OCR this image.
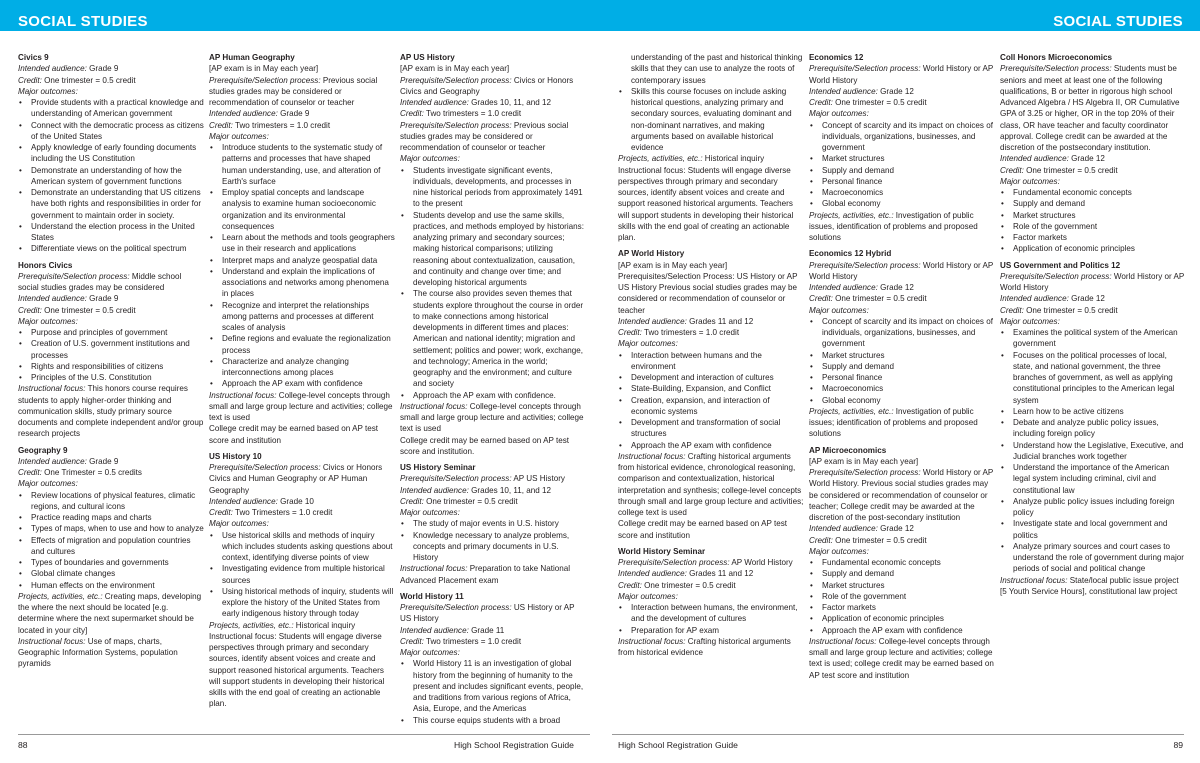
SOCIAL STUDIES	SOCIAL STUDIES
Civics 9
Intended audience: Grade 9
Credit: One trimester = 0.5 credit
Major outcomes:
• Provide students with a practical knowledge and understanding of American government
• Connect with the democratic process as citizens of the United States
• Apply knowledge of early founding documents including the US Constitution
• Demonstrate an understanding of how the American system of government functions
• Demonstrate an understanding that US citizens have both rights and responsibilities in order for government to maintain order in society.
• Understand the election process in the United States
• Differentiate views on the political spectrum
Honors Civics
Prerequisite/Selection process: Middle school social studies grades may be considered
Intended audience: Grade 9
Credit: One trimester = 0.5 credit
Major outcomes:
• Purpose and principles of government
• Creation of U.S. government institutions and processes
• Rights and responsibilities of citizens
• Principles of the U.S. Constitution
Instructional focus: This honors course requires students to apply higher-order thinking and communication skills, study primary source documents and complete independent and/or group research projects
Geography 9
Intended audience: Grade 9
Credit: One Trimester = 0.5 credits
Major outcomes:
• Review locations of physical features, climatic regions, and cultural icons
• Practice reading maps and charts
• Types of maps, when to use and how to analyze
• Effects of migration and population countries and cultures
• Types of boundaries and governments
• Global climate changes
• Human effects on the environment
Projects, activities, etc.: Creating maps, developing the where the next should be located [e.g. determine where the next supermarket should be located in your city]
Instructional focus: Use of maps, charts, Geographic Information Systems, population pyramids
AP Human Geography
[AP exam is in May each year]
Prerequisite/Selection process: Previous social studies grades may be considered or recommendation of counselor or teacher
Intended audience: Grade 9
Credit: Two trimesters = 1.0 credit
Major outcomes:
• Introduce students to the systematic study of patterns and processes that have shaped human understanding, use, and alteration of Earth's surface
• Employ spatial concepts and landscape analysis to examine human socioeconomic organization and its environmental consequences
• Learn about the methods and tools geographers use in their research and applications
• Interpret maps and analyze geospatial data
• Understand and explain the implications of associations and networks among phenomena in places
• Recognize and interpret the relationships among patterns and processes at different scales of analysis
• Define regions and evaluate the regionalization process
• Characterize and analyze changing interconnections among places
• Approach the AP exam with confidence
Instructional focus: College-level concepts through small and large group lecture and activities; college text is used
College credit may be earned based on AP test score and institution
US History 10
Prerequisite/Selection process: Civics or Honors Civics and Human Geography or AP Human Geography
Intended audience: Grade 10
Credit: Two Trimesters = 1.0 credit
Major outcomes:
• Use historical skills and methods of inquiry which includes students asking questions about context, identifying diverse points of view
• Investigating evidence from multiple historical sources
• Using historical methods of inquiry, students will explore the history of the United States from early indigenous history through today
Projects, activities, etc.: Historical inquiry
Instructional focus: Students will engage diverse perspectives through primary and secondary sources, identify absent voices and create and support reasoned historical arguments. Teachers will support students in developing their historical skills with the end goal of creating an actionable plan.
AP US History
[AP exam is in May each year]
Prerequisite/Selection process: Civics or Honors Civics and Geography
Intended audience: Grades 10, 11, and 12
Credit: Two trimesters = 1.0 credit
Prerequisite/Selection process: Previous social studies grades may be considered or recommendation of counselor or teacher
Major outcomes:
• Students investigate significant events, individuals, developments, and processes in nine historical periods from approximately 1491 to the present
• Students develop and use the same skills, practices, and methods employed by historians: analyzing primary and secondary sources; making historical comparisons; utilizing reasoning about contextualization, causation, and continuity and change over time; and developing historical arguments
• The course also provides seven themes that students explore throughout the course in order to make connections among historical developments in different times and places: American and national identity; migration and settlement; politics and power; work, exchange, and technology; America in the world; geography and the environment; and culture and society
• Approach the AP exam with confidence.
Instructional focus: College-level concepts through small and large group lecture and activities; college text is used
College credit may be earned based on AP test score and institution.
US History Seminar
Prerequisite/Selection process: AP US History
Intended audience: Grades 10, 11, and 12
Credit: One trimester = 0.5 credit
Major outcomes:
• The study of major events in U.S. history
• Knowledge necessary to analyze problems, concepts and primary documents in U.S. History
Instructional focus: Preparation to take National Advanced Placement exam
World History 11
Prerequisite/Selection process: US History or AP US History
Intended audience: Grade 11
Credit: Two trimesters = 1.0 credit
Major outcomes:
• World History 11 is an investigation of global history from the beginning of humanity to the present and includes significant events, people, and traditions from various regions of Africa, Asia, Europe, and the Americas
• This course equips students with a broad
understanding of the past and historical thinking skills that they can use to analyze the roots of contemporary issues
• Skills this course focuses on include asking historical questions, analyzing primary and secondary sources, evaluating dominant and non-dominant narratives, and making arguments based on available historical evidence
Projects, activities, etc.: Historical inquiry
Instructional focus: Students will engage diverse perspectives through primary and secondary sources, identify absent voices and create and support reasoned historical arguments. Teachers will support students in developing their historical skills with the end goal of creating an actionable plan.
AP World History
[AP exam is in May each year]
Prerequisites/Selection Process: US History or AP US History Previous social studies grades may be considered or recommendation of counselor or teacher
Intended audience: Grades 11 and 12
Credit: Two trimesters = 1.0 credit
Major outcomes:
• Interaction between humans and the environment
• Development and interaction of cultures
• State-Building, Expansion, and Conflict
• Creation, expansion, and interaction of economic systems
• Development and transformation of social structures
• Approach the AP exam with confidence
Instructional focus: Crafting historical arguments from historical evidence, chronological reasoning, comparison and contextualization, historical interpretation and synthesis; college-level concepts through small and large group lecture and activities; college text is used
College credit may be earned based on AP test score and institution
World History Seminar
Prerequisite/Selection process: AP World History
Intended audience: Grades 11 and 12
Credit: One trimester = 0.5 credit
Major outcomes:
• Interaction between humans, the environment, and the development of cultures
• Preparation for AP exam
Instructional focus: Crafting historical arguments from historical evidence
Economics 12
Prerequisite/Selection process: World History or AP World History
Intended audience: Grade 12
Credit: One trimester = 0.5 credit
Major outcomes:
• Concept of scarcity and its impact on choices of individuals, organizations, businesses, and government
• Market structures
• Supply and demand
• Personal finance
• Macroeconomics
• Global economy
Projects, activities, etc.: Investigation of public issues, identification of problems and proposed solutions
Economics 12 Hybrid
Prerequisite/Selection process: World History or AP World History
Intended audience: Grade 12
Credit: One trimester = 0.5 credit
Major outcomes:
• Concept of scarcity and its impact on choices of individuals, organizations, businesses, and government
• Market structures
• Supply and demand
• Personal finance
• Macroeconomics
• Global economy
Projects, activities, etc.: Investigation of public issues; identification of problems and proposed solutions
AP Microeconomics
[AP exam is in May each year]
Prerequisite/Selection process: World History or AP World History. Previous social studies grades may be considered or recommendation of counselor or teacher; College credit may be awarded at the discretion of the post-secondary institution
Intended audience: Grade 12
Credit: One trimester = 0.5 credit
Major outcomes:
• Fundamental economic concepts
• Supply and demand
• Market structures
• Role of the government
• Factor markets
• Application of economic principles
• Approach the AP exam with confidence
Instructional focus: College-level concepts through small and large group lecture and activities; college text is used; college credit may be earned based on AP test score and institution
Coll Honors Microeconomics
Prerequisite/Selection process: Students must be seniors and meet at least one of the following qualifications, B or better in rigorous high school Advanced Algebra / HS Algebra II, OR Cumulative GPA of 3.25 or higher, OR in the top 20% of their class, OR have teacher and faculty coordinator approval. College credit can be awarded at the discretion of the postsecondary institution.
Intended audience: Grade 12
Credit: One trimester = 0.5 credit
Major outcomes:
• Fundamental economic concepts
• Supply and demand
• Market structures
• Role of the government
• Factor markets
• Application of economic principles
US Government and Politics 12
Prerequisite/Selection process: World History or AP World History
Intended audience: Grade 12
Credit: One trimester = 0.5 credit
Major outcomes:
• Examines the political system of the American government
• Focuses on the political processes of local, state, and national government, the three branches of government, as well as applying constitutional principles to the American legal system
• Learn how to be active citizens
• Debate and analyze public policy issues, including foreign policy
• Understand how the Legislative, Executive, and Judicial branches work together
• Understand the importance of the American legal system including criminal, civil and constitutional law
• Analyze public policy issues including foreign policy
• Investigate state and local government and politics
• Analyze primary sources and court cases to understand the role of government during major periods of social and political change
Instructional focus: State/local public issue project [5 Youth Service Hours], constitutional law project
88	High School Registration Guide	High School Registration Guide	89
